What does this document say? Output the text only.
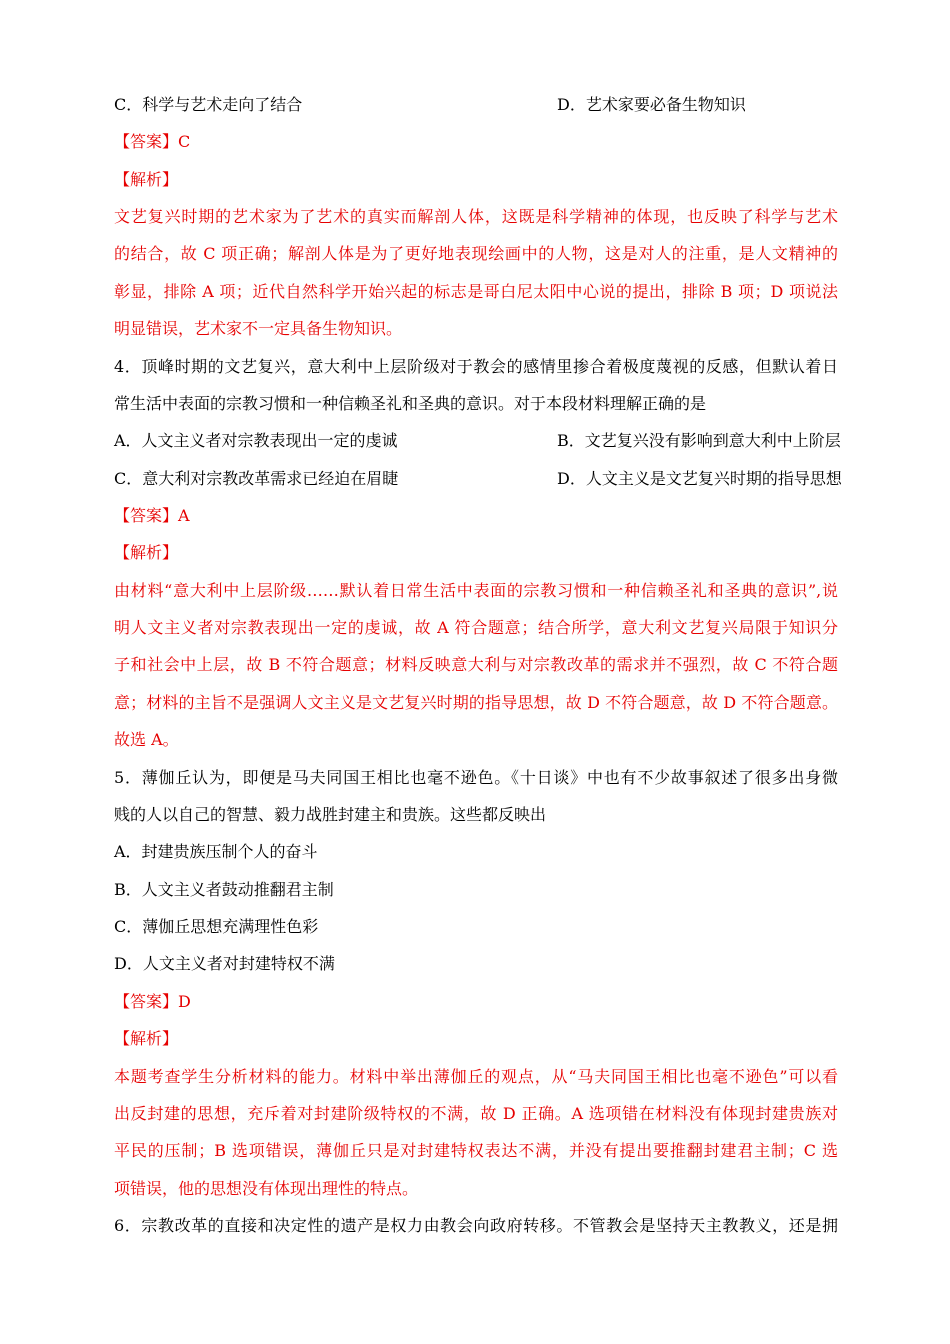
C．科学与艺术走向了结合	D．艺术家要必备生物知识
【答案】C
【解析】
文艺复兴时期的艺术家为了艺术的真实而解剖人体，这既是科学精神的体现，也反映了科学与艺术
的结合，故 C 项正确；解剖人体是为了更好地表现绘画中的人物，这是对人的注重，是人文精神的
彰显，排除 A 项；近代自然科学开始兴起的标志是哥白尼太阳中心说的提出，排除 B 项；D 项说法
明显错误，艺术家不一定具备生物知识。
4．顶峰时期的文艺复兴，意大利中上层阶级对于教会的感情里掺合着极度蔑视的反感，但默认着日
常生活中表面的宗教习惯和一种信赖圣礼和圣典的意识。对于本段材料理解正确的是
A．人文主义者对宗教表现出一定的虔诚	B．文艺复兴没有影响到意大利中上阶层
C．意大利对宗教改革需求已经迫在眉睫	D．人文主义是文艺复兴时期的指导思想
【答案】A
【解析】
由材料“意大利中上层阶级……默认着日常生活中表面的宗教习惯和一种信赖圣礼和圣典的意识”,说
明人文主义者对宗教表现出一定的虔诚，故 A 符合题意；结合所学，意大利文艺复兴局限于知识分
子和社会中上层，故 B 不符合题意；材料反映意大利与对宗教改革的需求并不强烈，故 C 不符合题
意；材料的主旨不是强调人文主义是文艺复兴时期的指导思想，故 D 不符合题意，故 D 不符合题意。
故选 A。
5．薄伽丘认为，即便是马夫同国王相比也毫不逊色。《十日谈》中也有不少故事叙述了很多出身微
贱的人以自己的智慧、毅力战胜封建主和贵族。这些都反映出
A．封建贵族压制个人的奋斗
B．人文主义者鼓动推翻君主制
C．薄伽丘思想充满理性色彩
D．人文主义者对封建特权不满
【答案】D
【解析】
本题考查学生分析材料的能力。材料中举出薄伽丘的观点，从“马夫同国王相比也毫不逊色”可以看
出反封建的思想，充斥着对封建阶级特权的不满，故 D 正确。A 选项错在材料没有体现封建贵族对
平民的压制；B 选项错误，薄伽丘只是对封建特权表达不满，并没有提出要推翻封建君主制；C 选
项错误，他的思想没有体现出理性的特点。
6．宗教改革的直接和决定性的遗产是权力由教会向政府转移。不管教会是坚持天主教教义，还是拥
